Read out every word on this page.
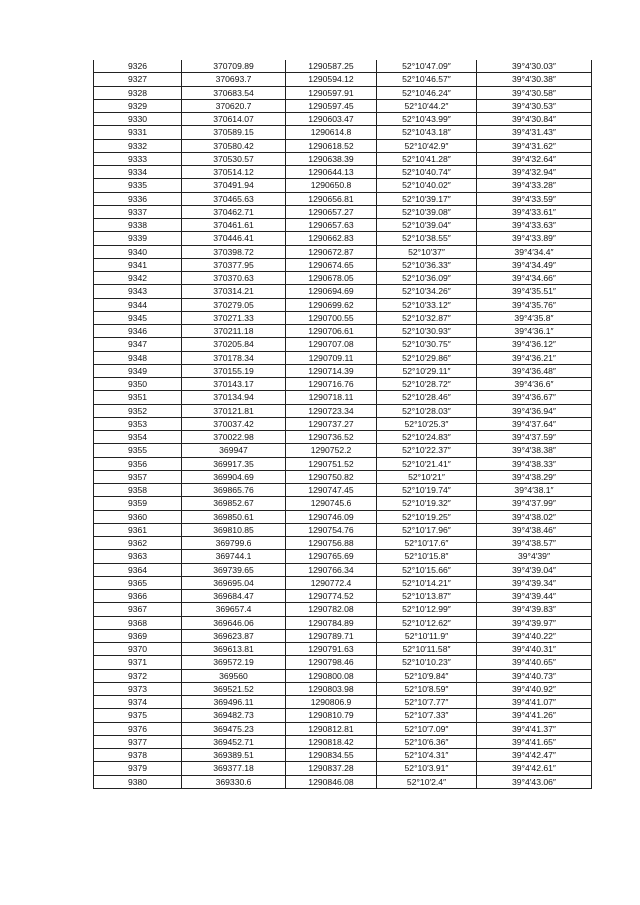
9326	370709.89	1290587.25	52°10′47.09″	39°4′30.03″
9327	370693.7	1290594.12	52°10′46.57″	39°4′30.38″
9328	370683.54	1290597.91	52°10′46.24″	39°4′30.58″
9329	370620.7	1290597.45	52°10′44.2″	39°4′30.53″
9330	370614.07	1290603.47	52°10′43.99″	39°4′30.84″
9331	370589.15	1290614.8	52°10′43.18″	39°4′31.43″
9332	370580.42	1290618.52	52°10′42.9″	39°4′31.62″
9333	370530.57	1290638.39	52°10′41.28″	39°4′32.64″
9334	370514.12	1290644.13	52°10′40.74″	39°4′32.94″
9335	370491.94	1290650.8	52°10′40.02″	39°4′33.28″
9336	370465.63	1290656.81	52°10′39.17″	39°4′33.59″
9337	370462.71	1290657.27	52°10′39.08″	39°4′33.61″
9338	370461.61	1290657.63	52°10′39.04″	39°4′33.63″
9339	370446.41	1290662.83	52°10′38.55″	39°4′33.89″
9340	370398.72	1290672.87	52°10′37″	39°4′34.4″
9341	370377.95	1290674.65	52°10′36.33″	39°4′34.49″
9342	370370.63	1290678.05	52°10′36.09″	39°4′34.66″
9343	370314.21	1290694.69	52°10′34.26″	39°4′35.51″
9344	370279.05	1290699.62	52°10′33.12″	39°4′35.76″
9345	370271.33	1290700.55	52°10′32.87″	39°4′35.8″
9346	370211.18	1290706.61	52°10′30.93″	39°4′36.1″
9347	370205.84	1290707.08	52°10′30.75″	39°4′36.12″
9348	370178.34	1290709.11	52°10′29.86″	39°4′36.21″
9349	370155.19	1290714.39	52°10′29.11″	39°4′36.48″
9350	370143.17	1290716.76	52°10′28.72″	39°4′36.6″
9351	370134.94	1290718.11	52°10′28.46″	39°4′36.67″
9352	370121.81	1290723.34	52°10′28.03″	39°4′36.94″
9353	370037.42	1290737.27	52°10′25.3″	39°4′37.64″
9354	370022.98	1290736.52	52°10′24.83″	39°4′37.59″
9355	369947	1290752.2	52°10′22.37″	39°4′38.38″
9356	369917.35	1290751.52	52°10′21.41″	39°4′38.33″
9357	369904.69	1290750.82	52°10′21″	39°4′38.29″
9358	369865.76	1290747.45	52°10′19.74″	39°4′38.1″
9359	369852.67	1290745.6	52°10′19.32″	39°4′37.99″
9360	369850.61	1290746.09	52°10′19.25″	39°4′38.02″
9361	369810.85	1290754.76	52°10′17.96″	39°4′38.46″
9362	369799.6	1290756.88	52°10′17.6″	39°4′38.57″
9363	369744.1	1290765.69	52°10′15.8″	39°4′39″
9364	369739.65	1290766.34	52°10′15.66″	39°4′39.04″
9365	369695.04	1290772.4	52°10′14.21″	39°4′39.34″
9366	369684.47	1290774.52	52°10′13.87″	39°4′39.44″
9367	369657.4	1290782.08	52°10′12.99″	39°4′39.83″
9368	369646.06	1290784.89	52°10′12.62″	39°4′39.97″
9369	369623.87	1290789.71	52°10′11.9″	39°4′40.22″
9370	369613.81	1290791.63	52°10′11.58″	39°4′40.31″
9371	369572.19	1290798.46	52°10′10.23″	39°4′40.65″
9372	369560	1290800.08	52°10′9.84″	39°4′40.73″
9373	369521.52	1290803.98	52°10′8.59″	39°4′40.92″
9374	369496.11	1290806.9	52°10′7.77″	39°4′41.07″
9375	369482.73	1290810.79	52°10′7.33″	39°4′41.26″
9376	369475.23	1290812.81	52°10′7.09″	39°4′41.37″
9377	369452.71	1290818.42	52°10′6.36″	39°4′41.65″
9378	369389.51	1290834.55	52°10′4.31″	39°4′42.47″
9379	369377.18	1290837.28	52°10′3.91″	39°4′42.61″
9380	369330.6	1290846.08	52°10′2.4″	39°4′43.06″
